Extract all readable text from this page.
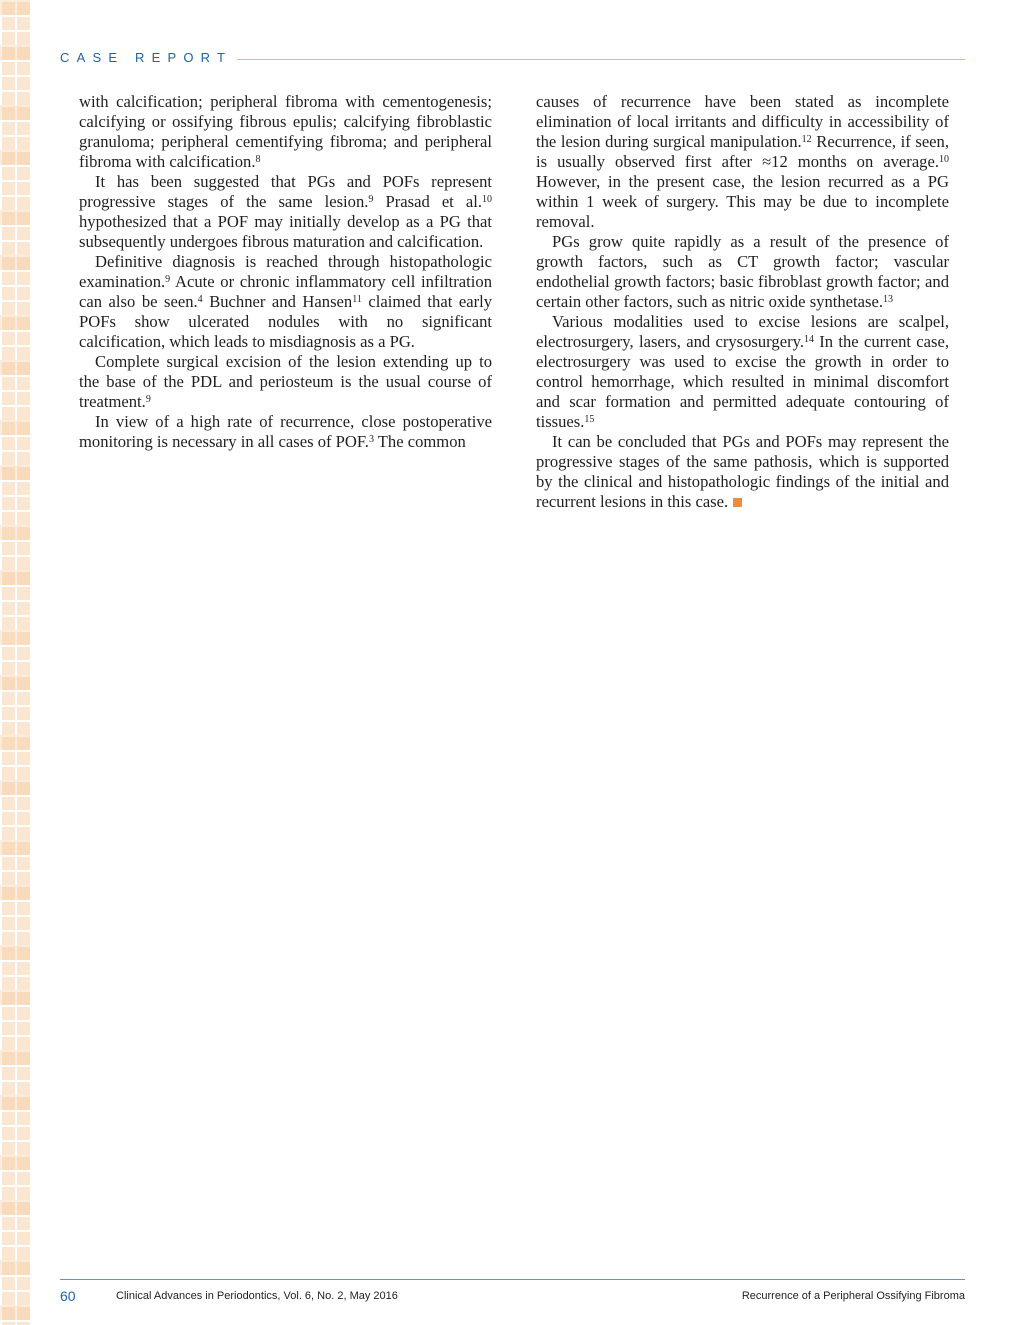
CASE REPORT

with calcification; peripheral fibroma with cementogenesis; calcifying or ossifying fibrous epulis; calcifying fibroblastic granuloma; peripheral cementifying fibroma; and peripheral fibroma with calcification.$^8$

It has been suggested that PGs and POFs represent progressive stages of the same lesion.$^9$ Prasad et al.$^{10}$ hypothesized that a POF may initially develop as a PG that subsequently undergoes fibrous maturation and calcification.

Definitive diagnosis is reached through histopathologic examination.$^9$ Acute or chronic inflammatory cell infiltration can also be seen.$^4$ Buchner and Hansen$^{11}$ claimed that early POFs show ulcerated nodules with no significant calcification, which leads to misdiagnosis as a PG.

Complete surgical excision of the lesion extending up to the base of the PDL and periosteum is the usual course of treatment.$^9$

In view of a high rate of recurrence, close postoperative monitoring is necessary in all cases of POF.$^3$ The common

causes of recurrence have been stated as incomplete elimination of local irritants and difficulty in accessibility of the lesion during surgical manipulation.$^{12}$ Recurrence, if seen, is usually observed first after ≈12 months on average.$^{10}$ However, in the present case, the lesion recurred as a PG within 1 week of surgery. This may be due to incomplete removal.

PGs grow quite rapidly as a result of the presence of growth factors, such as CT growth factor; vascular endothelial growth factors; basic fibroblast growth factor; and certain other factors, such as nitric oxide synthetase.$^{13}$

Various modalities used to excise lesions are scalpel, electrosurgery, lasers, and crysosurgery.$^{14}$ In the current case, electrosurgery was used to excise the growth in order to control hemorrhage, which resulted in minimal discomfort and scar formation and permitted adequate contouring of tissues.$^{15}$

It can be concluded that PGs and POFs may represent the progressive stages of the same pathosis, which is supported by the clinical and histopathologic findings of the initial and recurrent lesions in this case.

60	Clinical Advances in Periodontics, Vol. 6, No. 2, May 2016	Recurrence of a Peripheral Ossifying Fibroma
